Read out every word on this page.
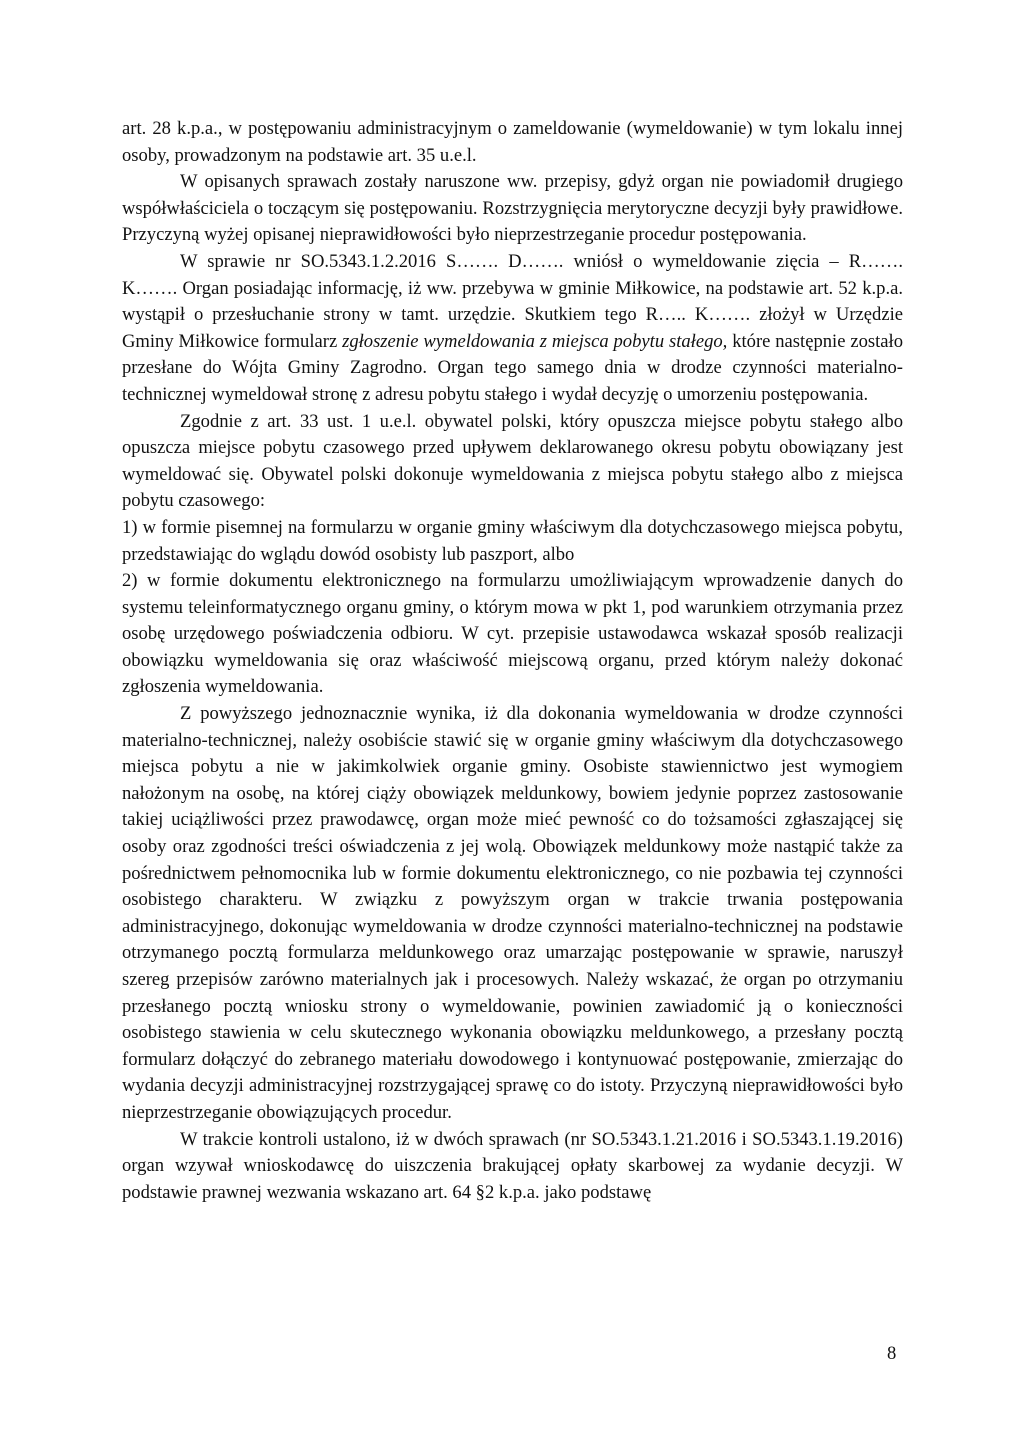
art. 28 k.p.a., w postępowaniu administracyjnym o zameldowanie (wymeldowanie) w tym lokalu innej osoby, prowadzonym na podstawie art. 35 u.e.l.

W opisanych sprawach zostały naruszone ww. przepisy, gdyż organ nie powiadomił drugiego współwłaściciela o toczącym się postępowaniu. Rozstrzygnięcia merytoryczne decyzji były prawidłowe. Przyczyną wyżej opisanej nieprawidłowości było nieprzestrzeganie procedur postępowania.

W sprawie nr SO.5343.1.2.2016 S……. D……. wniósł o wymeldowanie zięcia – R……. K……. Organ posiadając informację, iż ww. przebywa w gminie Miłkowice, na podstawie art. 52 k.p.a. wystąpił o przesłuchanie strony w tamt. urzędzie. Skutkiem tego R….. K……. złożył w Urzędzie Gminy Miłkowice formularz zgłoszenie wymeldowania z miejsca pobytu stałego, które następnie zostało przesłane do Wójta Gminy Zagrodno. Organ tego samego dnia w drodze czynności materialno-technicznej wymeldował stronę z adresu pobytu stałego i wydał decyzję o umorzeniu postępowania.

Zgodnie z art. 33 ust. 1 u.e.l. obywatel polski, który opuszcza miejsce pobytu stałego albo opuszcza miejsce pobytu czasowego przed upływem deklarowanego okresu pobytu obowiązany jest wymeldować się. Obywatel polski dokonuje wymeldowania z miejsca pobytu stałego albo z miejsca pobytu czasowego:

1) w formie pisemnej na formularzu w organie gminy właściwym dla dotychczasowego miejsca pobytu, przedstawiając do wglądu dowód osobisty lub paszport, albo

2) w formie dokumentu elektronicznego na formularzu umożliwiającym wprowadzenie danych do systemu teleinformatycznego organu gminy, o którym mowa w pkt 1, pod warunkiem otrzymania przez osobę urzędowego poświadczenia odbioru. W cyt. przepisie ustawodawca wskazał sposób realizacji obowiązku wymeldowania się oraz właściwość miejscową organu, przed którym należy dokonać zgłoszenia wymeldowania.

Z powyższego jednoznacznie wynika, iż dla dokonania wymeldowania w drodze czynności materialno-technicznej, należy osobiście stawić się w organie gminy właściwym dla dotychczasowego miejsca pobytu a nie w jakimkolwiek organie gminy. Osobiste stawiennictwo jest wymogiem nałożonym na osobę, na której ciąży obowiązek meldunkowy, bowiem jedynie poprzez zastosowanie takiej uciążliwości przez prawodawcę, organ może mieć pewność co do tożsamości zgłaszającej się osoby oraz zgodności treści oświadczenia z jej wolą. Obowiązek meldunkowy może nastąpić także za pośrednictwem pełnomocnika lub w formie dokumentu elektronicznego, co nie pozbawia tej czynności osobistego charakteru. W związku z powyższym organ w trakcie trwania postępowania administracyjnego, dokonując wymeldowania w drodze czynności materialno-technicznej na podstawie otrzymanego pocztą formularza meldunkowego oraz umarzając postępowanie w sprawie, naruszył szereg przepisów zarówno materialnych jak i procesowych. Należy wskazać, że organ po otrzymaniu przesłanego pocztą wniosku strony o wymeldowanie, powinien zawiadomić ją o konieczności osobistego stawienia w celu skutecznego wykonania obowiązku meldunkowego, a przesłany pocztą formularz dołączyć do zebranego materiału dowodowego i kontynuować postępowanie, zmierzając do wydania decyzji administracyjnej rozstrzygającej sprawę co do istoty. Przyczyną nieprawidłowości było nieprzestrzeganie obowiązujących procedur.

W trakcie kontroli ustalono, iż w dwóch sprawach (nr SO.5343.1.21.2016 i SO.5343.1.19.2016) organ wzywał wnioskodawcę do uiszczenia brakującej opłaty skarbowej za wydanie decyzji. W podstawie prawnej wezwania wskazano art. 64 §2 k.p.a. jako podstawę

8
